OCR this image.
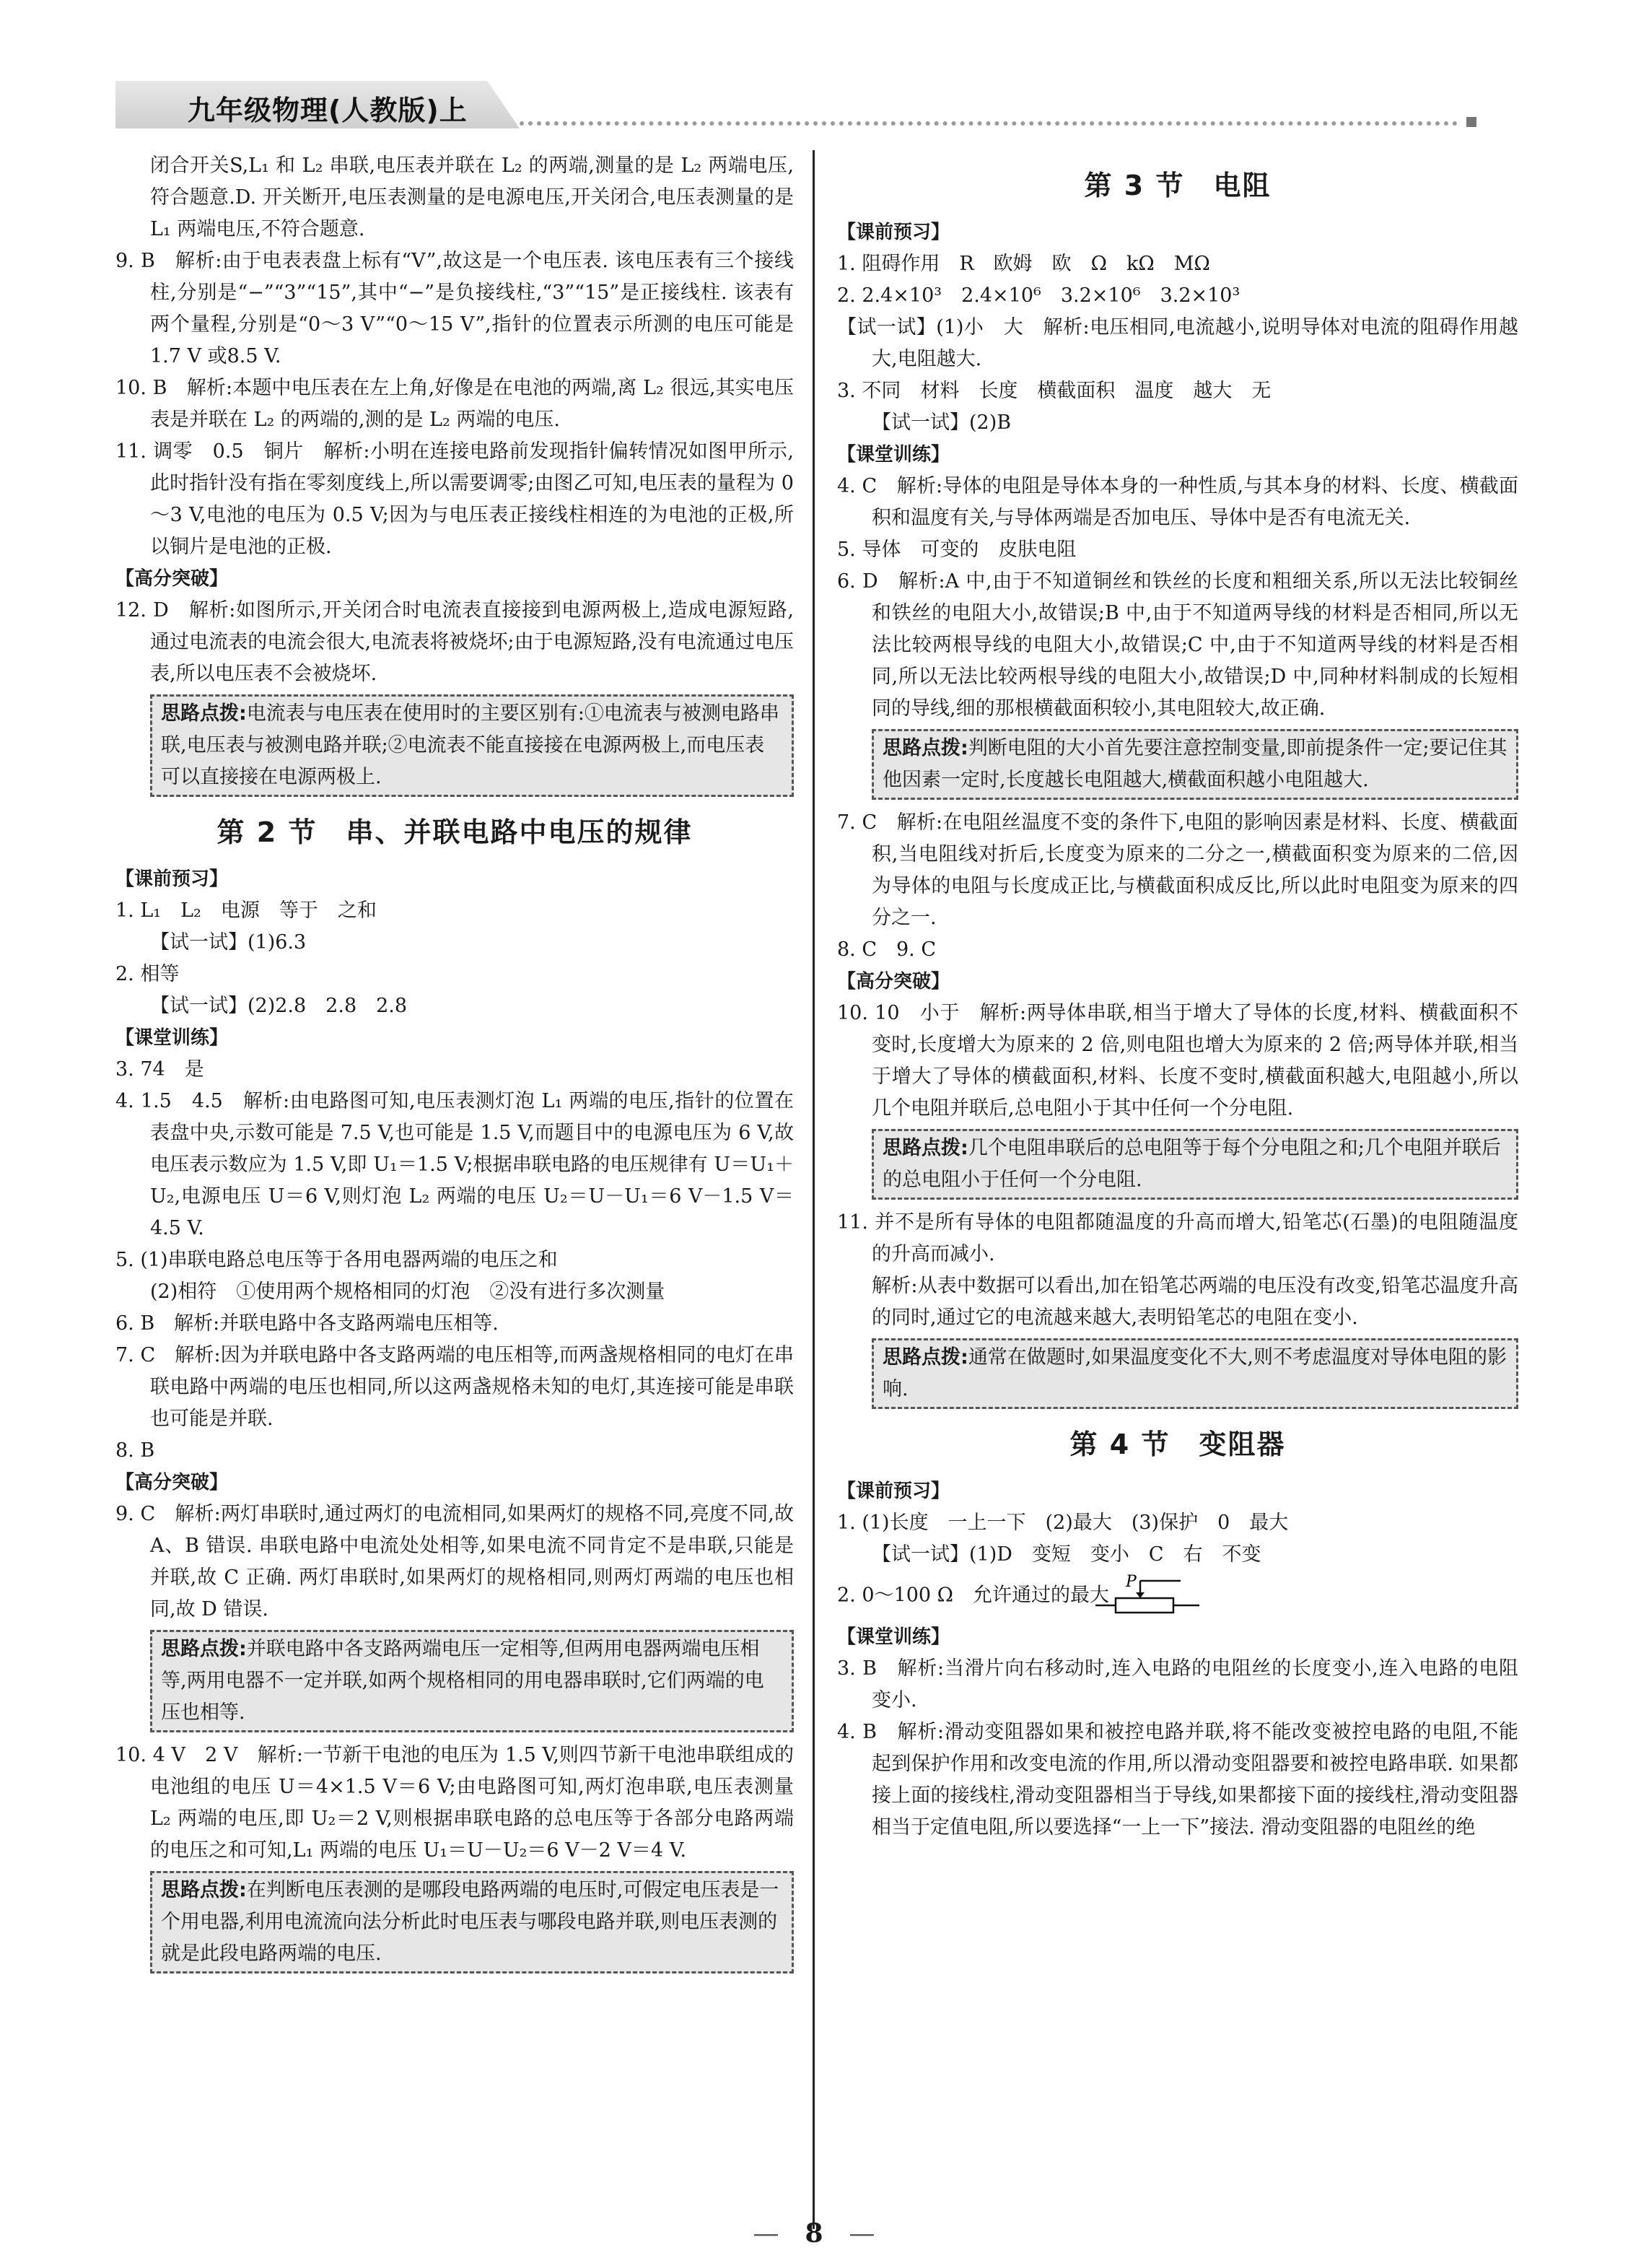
九年级物理(人教版)上

闭合开关S,L₁ 和 L₂ 串联,电压表并联在 L₂ 的两端,测量的是 L₂ 两端电压,符合题意.D. 开关断开,电压表测量的是电源电压,开关闭合,电压表测量的是 L₁ 两端电压,不符合题意.

9. B　解析:由于电表表盘上标有“V”,故这是一个电压表. 该电压表有三个接线柱,分别是“−”“3”“15”,其中“−”是负接线柱,“3”“15”是正接线柱. 该表有两个量程,分别是“0～3 V”“0～15 V”,指针的位置表示所测的电压可能是 1.7 V 或8.5 V.

10. B　解析:本题中电压表在左上角,好像是在电池的两端,离 L₂ 很远,其实电压表是并联在 L₂ 的两端的,测的是 L₂ 两端的电压.

11. 调零　0.5　铜片　解析:小明在连接电路前发现指针偏转情况如图甲所示,此时指针没有指在零刻度线上,所以需要调零;由图乙可知,电压表的量程为 0～3 V,电池的电压为 0.5 V;因为与电压表正接线柱相连的为电池的正极,所以铜片是电池的正极.

【高分突破】

12. D　解析:如图所示,开关闭合时电流表直接接到电源两极上,造成电源短路,通过电流表的电流会很大,电流表将被烧坏;由于电源短路,没有电流通过电压表,所以电压表不会被烧坏.

思路点拨:电流表与电压表在使用时的主要区别有:①电流表与被测电路串联,电压表与被测电路并联;②电流表不能直接接在电源两极上,而电压表可以直接接在电源两极上.
第 2 节　串、并联电路中电压的规律

【课前预习】

1. L₁　L₂　电源　等于　之和

【试一试】(1)6.3

2. 相等

【试一试】(2)2.8　2.8　2.8

【课堂训练】

3. 74　是

4. 1.5　4.5　解析:由电路图可知,电压表测灯泡 L₁ 两端的电压,指针的位置在表盘中央,示数可能是 7.5 V,也可能是 1.5 V,而题目中的电源电压为 6 V,故电压表示数应为 1.5 V,即 U₁＝1.5 V;根据串联电路的电压规律有 U＝U₁＋U₂,电源电压 U＝6 V,则灯泡 L₂ 两端的电压 U₂＝U－U₁＝6 V－1.5 V＝4.5 V.

5. (1)串联电路总电压等于各用电器两端的电压之和

(2)相符　①使用两个规格相同的灯泡　②没有进行多次测量

6. B　解析:并联电路中各支路两端电压相等.

7. C　解析:因为并联电路中各支路两端的电压相等,而两盏规格相同的电灯在串联电路中两端的电压也相同,所以这两盏规格未知的电灯,其连接可能是串联也可能是并联.

8. B

【高分突破】

9. C　解析:两灯串联时,通过两灯的电流相同,如果两灯的规格不同,亮度不同,故 A、B 错误. 串联电路中电流处处相等,如果电流不同肯定不是串联,只能是并联,故 C 正确. 两灯串联时,如果两灯的规格相同,则两灯两端的电压也相同,故 D 错误.

思路点拨:并联电路中各支路两端电压一定相等,但两用电器两端电压相等,两用电器不一定并联,如两个规格相同的用电器串联时,它们两端的电压也相等.

10. 4 V　2 V　解析:一节新干电池的电压为 1.5 V,则四节新干电池串联组成的电池组的电压 U＝4×1.5 V＝6 V;由电路图可知,两灯泡串联,电压表测量 L₂ 两端的电压,即 U₂＝2 V,则根据串联电路的总电压等于各部分电路两端的电压之和可知,L₁ 两端的电压 U₁＝U－U₂＝6 V－2 V＝4 V.

思路点拨:在判断电压表测的是哪段电路两端的电压时,可假定电压表是一个用电器,利用电流流向法分析此时电压表与哪段电路并联,则电压表测的就是此段电路两端的电压.
第 3 节　电阻

【课前预习】

1. 阻碍作用　R　欧姆　欧　Ω　kΩ　MΩ

2. 2.4×10³　2.4×10⁶　3.2×10⁶　3.2×10³

【试一试】(1)小　大　解析:电压相同,电流越小,说明导体对电流的阻碍作用越大,电阻越大.

3. 不同　材料　长度　横截面积　温度　越大　无

【试一试】(2)B

【课堂训练】

4. C　解析:导体的电阻是导体本身的一种性质,与其本身的材料、长度、横截面积和温度有关,与导体两端是否加电压、导体中是否有电流无关.

5. 导体　可变的　皮肤电阻

6. D　解析:A 中,由于不知道铜丝和铁丝的长度和粗细关系,所以无法比较铜丝和铁丝的电阻大小,故错误;B 中,由于不知道两导线的材料是否相同,所以无法比较两根导线的电阻大小,故错误;C 中,由于不知道两导线的材料是否相同,所以无法比较两根导线的电阻大小,故错误;D 中,同种材料制成的长短相同的导线,细的那根横截面积较小,其电阻较大,故正确.

思路点拨:判断电阻的大小首先要注意控制变量,即前提条件一定;要记住其他因素一定时,长度越长电阻越大,横截面积越小电阻越大.

7. C　解析:在电阻丝温度不变的条件下,电阻的影响因素是材料、长度、横截面积,当电阻线对折后,长度变为原来的二分之一,横截面积变为原来的二倍,因为导体的电阻与长度成正比,与横截面积成反比,所以此时电阻变为原来的四分之一.

8. C　9. C

【高分突破】

10. 10　小于　解析:两导体串联,相当于增大了导体的长度,材料、横截面积不变时,长度增大为原来的 2 倍,则电阻也增大为原来的 2 倍;两导体并联,相当于增大了导体的横截面积,材料、长度不变时,横截面积越大,电阻越小,所以几个电阻并联后,总电阻小于其中任何一个分电阻.

思路点拨:几个电阻串联后的总电阻等于每个分电阻之和;几个电阻并联后的总电阻小于任何一个分电阻.

11. 并不是所有导体的电阻都随温度的升高而增大,铅笔芯(石墨)的电阻随温度的升高而减小.

解析:从表中数据可以看出,加在铅笔芯两端的电压没有改变,铅笔芯温度升高的同时,通过它的电流越来越大,表明铅笔芯的电阻在变小.

思路点拨:通常在做题时,如果温度变化不大,则不考虑温度对导体电阻的影响.
第 4 节　变阻器

【课前预习】

1. (1)长度　一上一下　(2)最大　(3)保护　0　最大

【试一试】(1)D　变短　变小　C　右　不变

2. 0～100 Ω　允许通过的最大
P

【课堂训练】

3. B　解析:当滑片向右移动时,连入电路的电阻丝的长度变小,连入电路的电阻变小.

4. B　解析:滑动变阻器如果和被控电路并联,将不能改变被控电路的电阻,不能起到保护作用和改变电流的作用,所以滑动变阻器要和被控电路串联. 如果都接上面的接线柱,滑动变阻器相当于导线,如果都接下面的接线柱,滑动变阻器相当于定值电阻,所以要选择“一上一下”接法. 滑动变阻器的电阻丝的绝

—　8　—
